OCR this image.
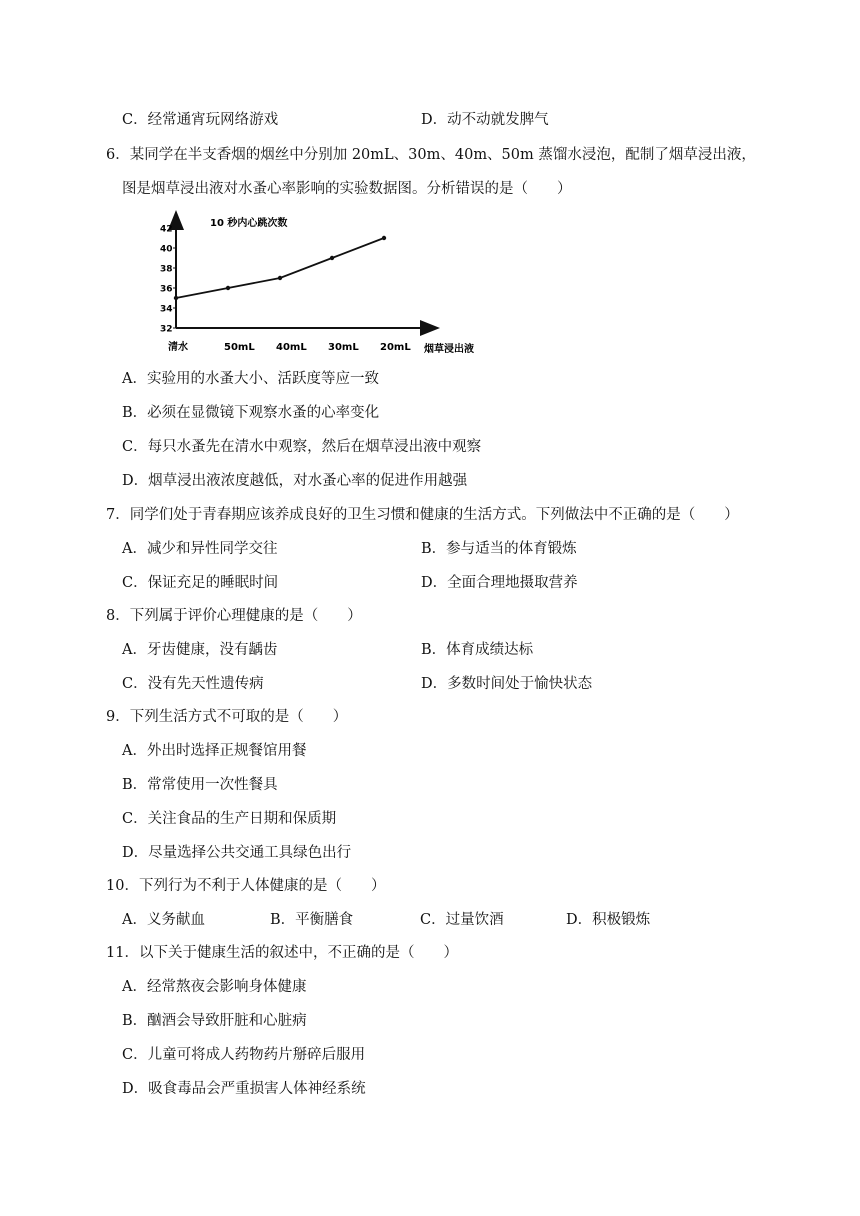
C．经常通宵玩网络游戏	D．动不动就发脾气
6．某同学在半支香烟的烟丝中分别加 20mL、30m、40m、50m 蒸馏水浸泡，配制了烟草浸出液，
图是烟草浸出液对水蚤心率影响的实验数据图。分析错误的是（　　）
10 秒内心跳次数
32
34
36
38
40
42
清水	50mL 40mL 30mL 20mL 烟草浸出液
A．实验用的水蚤大小、活跃度等应一致
B．必须在显微镜下观察水蚤的心率变化
C．每只水蚤先在清水中观察，然后在烟草浸出液中观察
D．烟草浸出液浓度越低，对水蚤心率的促进作用越强
7．同学们处于青春期应该养成良好的卫生习惯和健康的生活方式。下列做法中不正确的是（　　）
A．减少和异性同学交往	B．参与适当的体育锻炼
C．保证充足的睡眠时间	D．全面合理地摄取营养
8．下列属于评价心理健康的是（　　）
A．牙齿健康，没有龋齿	B．体育成绩达标
C．没有先天性遗传病	D．多数时间处于愉快状态
9．下列生活方式不可取的是（　　）
A．外出时选择正规餐馆用餐
B．常常使用一次性餐具
C．关注食品的生产日期和保质期
D．尽量选择公共交通工具绿色出行
10．下列行为不利于人体健康的是（　　）
A．义务献血	B．平衡膳食	C．过量饮酒	D．积极锻炼
11．以下关于健康生活的叙述中，不正确的是（　　）
A．经常熬夜会影响身体健康
B．酗酒会导致肝脏和心脏病
C．儿童可将成人药物药片掰碎后服用
D．吸食毒品会严重损害人体神经系统
